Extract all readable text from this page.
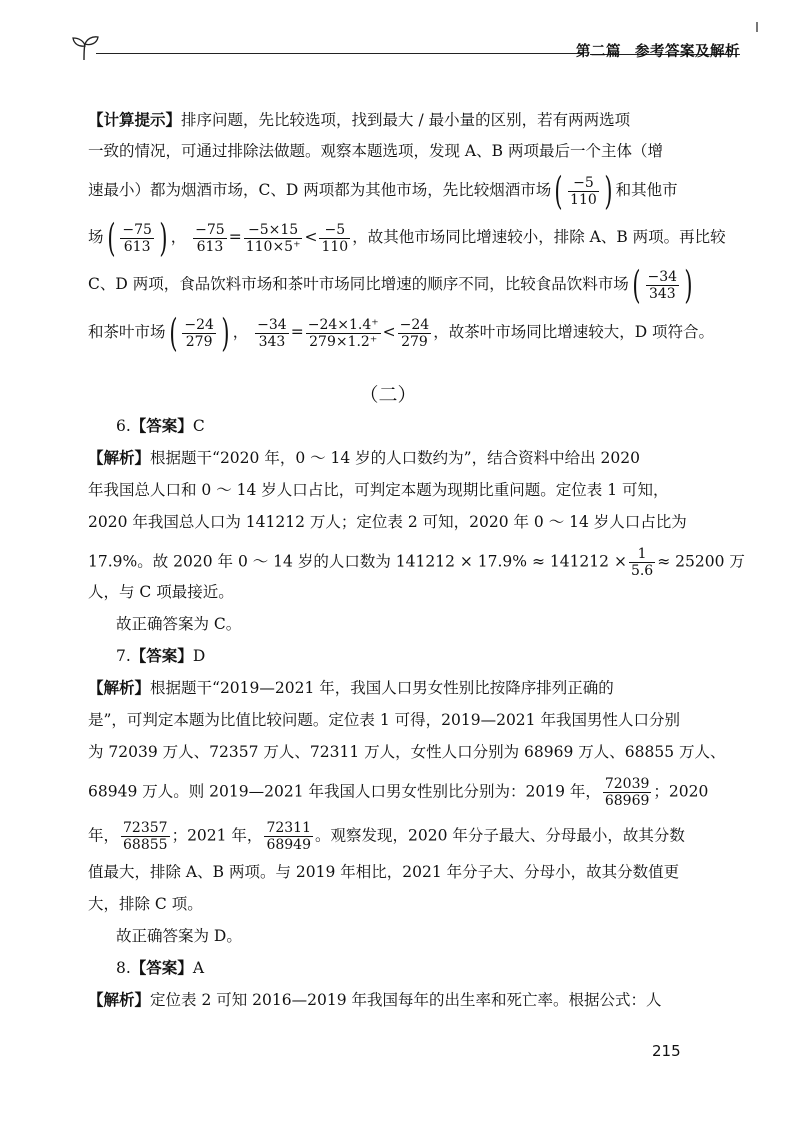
第二篇 参考答案及解析
【计算提示】排序问题，先比较选项，找到最大 / 最小量的区别，若有两两选项
一致的情况，可通过排除法做题。观察本题选项，发现 A、B 两项最后一个主体（增
速最小）都为烟酒市场，C、D 两项都为其他市场，先比较烟酒市场( $\frac{-5}{110}$ ) 和其他市
场( $\frac{-75}{613}$ ) ， $\frac{-75}{613} = \frac{-5\times 15}{110\times 5^+} < \frac{-5}{110}$ ，故其他市场同比增速较小，排除 A、B 两项。再比较
C、D 两项，食品饮料市场和茶叶市场同比增速的顺序不同，比较食品饮料市场( $\frac{-34}{343}$ )
和茶叶市场( $\frac{-24}{279}$ ) ， $\frac{-34}{343} = \frac{-24\times 1.4^+}{279\times 1.2^+} < \frac{-24}{279}$ ，故茶叶市场同比增速较大，D 项符合。
（二）
6.【答案】C
【解析】根据题干“2020 年，0 ～ 14 岁的人口数约为”，结合资料中给出 2020
年我国总人口和 0 ～ 14 岁人口占比，可判定本题为现期比重问题。定位表 1 可知，
2020 年我国总人口为 141212 万人；定位表 2 可知，2020 年 0 ～ 14 岁人口占比为
17.9%。故 2020 年 0 ～ 14 岁的人口数为 $141212 \times 17.9\% \approx 141212 \times \frac{1}{5.6} \approx 25200$ 万
人，与 C 项最接近。
故正确答案为 C。
7.【答案】D
【解析】根据题干“2019—2021 年，我国人口男女性别比按降序排列正确的
是”，可判定本题为比值比较问题。定位表 1 可得，2019—2021 年我国男性人口分别
为 72039 万人、72357 万人、72311 万人，女性人口分别为 68969 万人、68855 万人、
68949 万人。则 2019—2021 年我国人口男女性别比分别为：2019 年， $\frac{72039}{68969}$ ；2020
年， $\frac{72357}{68855}$ ；2021 年， $\frac{72311}{68949}$ 。观察发现，2020 年分子最大、分母最小，故其分数
值最大，排除 A、B 两项。与 2019 年相比，2021 年分子大、分母小，故其分数值更
大，排除 C 项。
故正确答案为 D。
8.【答案】A
【解析】定位表 2 可知 2016—2019 年我国每年的出生率和死亡率。根据公式：人
215
